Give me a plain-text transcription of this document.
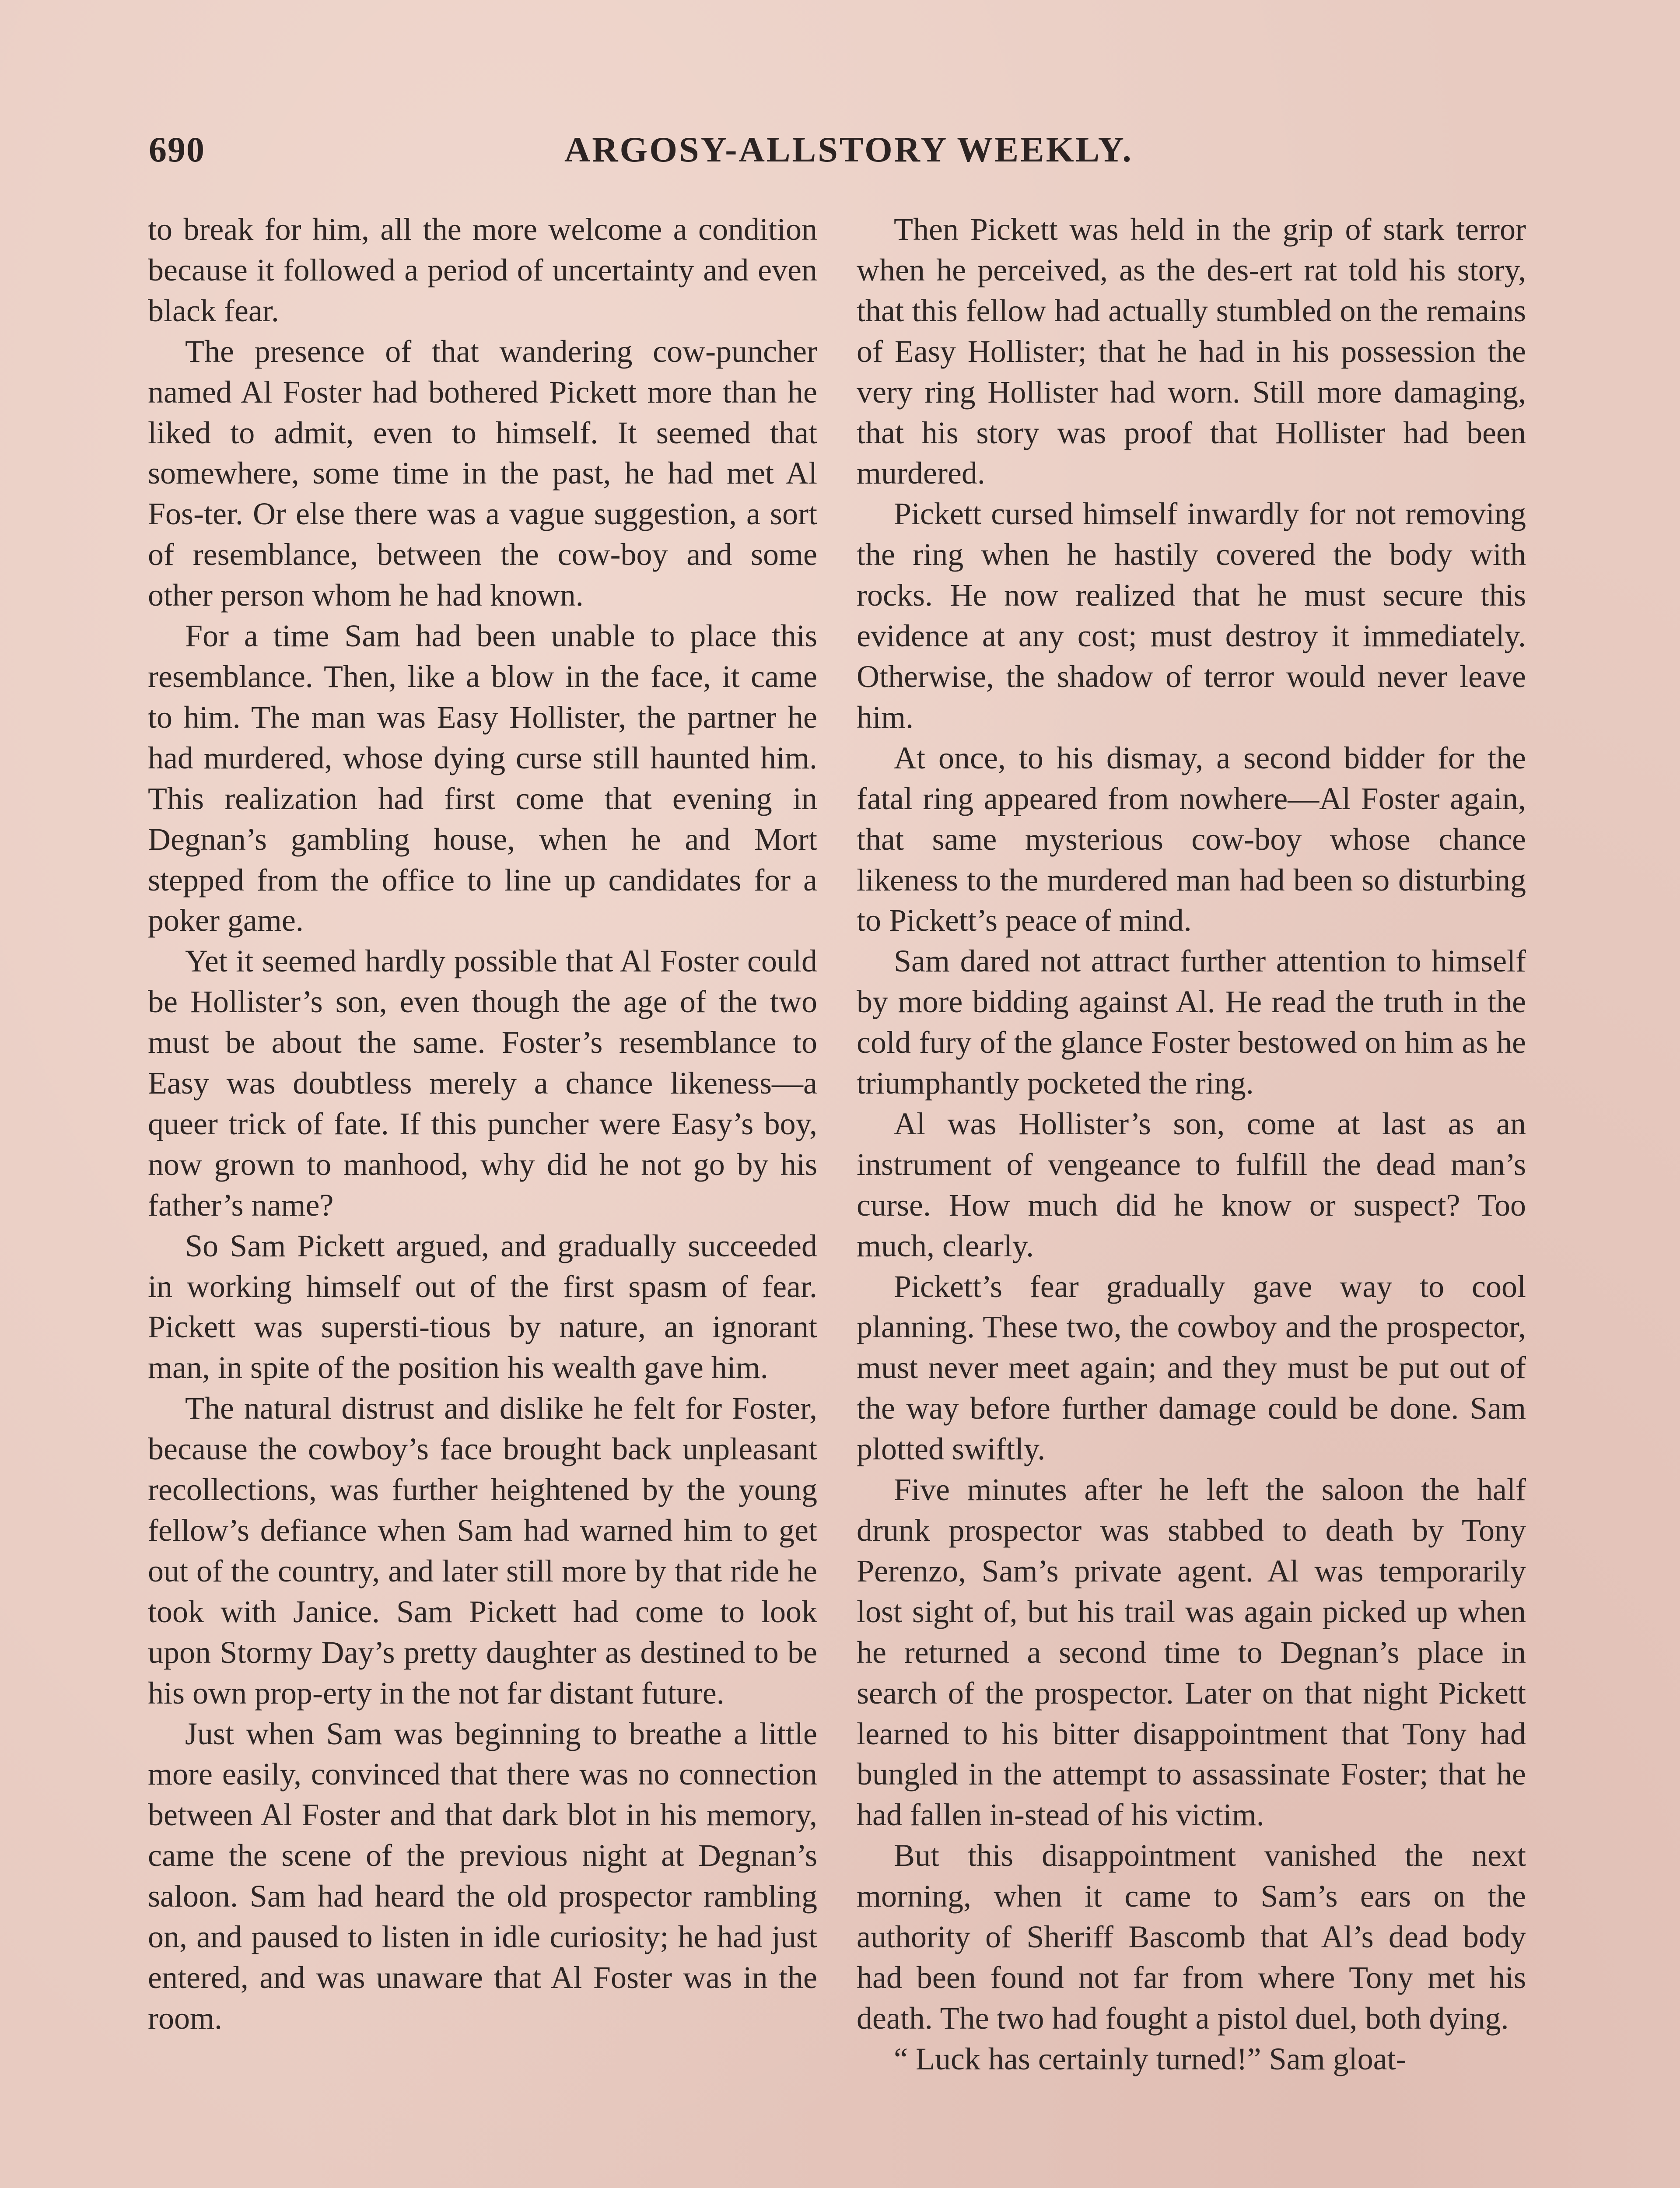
690	ARGOSY-ALLSTORY WEEKLY.

to break for him, all the more welcome a condition because it followed a period of uncertainty and even black fear.

The presence of that wandering cow-puncher named Al Foster had bothered Pickett more than he liked to admit, even to himself. It seemed that somewhere, some time in the past, he had met Al Fos-ter. Or else there was a vague suggestion, a sort of resemblance, between the cow-boy and some other person whom he had known.

For a time Sam had been unable to place this resemblance. Then, like a blow in the face, it came to him. The man was Easy Hollister, the partner he had murdered, whose dying curse still haunted him. This realization had first come that evening in Degnan’s gambling house, when he and Mort stepped from the office to line up candidates for a poker game.

Yet it seemed hardly possible that Al Foster could be Hollister’s son, even though the age of the two must be about the same. Foster’s resemblance to Easy was doubtless merely a chance likeness—a queer trick of fate. If this puncher were Easy’s boy, now grown to manhood, why did he not go by his father’s name?

So Sam Pickett argued, and gradually succeeded in working himself out of the first spasm of fear. Pickett was supersti-tious by nature, an ignorant man, in spite of the position his wealth gave him.

The natural distrust and dislike he felt for Foster, because the cowboy’s face brought back unpleasant recollections, was further heightened by the young fellow’s defiance when Sam had warned him to get out of the country, and later still more by that ride he took with Janice. Sam Pickett had come to look upon Stormy Day’s pretty daughter as destined to be his own prop-erty in the not far distant future.

Just when Sam was beginning to breathe a little more easily, convinced that there was no connection between Al Foster and that dark blot in his memory, came the scene of the previous night at Degnan’s saloon. Sam had heard the old prospector rambling on, and paused to listen in idle curiosity; he had just entered, and was unaware that Al Foster was in the room.

Then Pickett was held in the grip of stark terror when he perceived, as the des-ert rat told his story, that this fellow had actually stumbled on the remains of Easy Hollister; that he had in his possession the very ring Hollister had worn. Still more damaging, that his story was proof that Hollister had been murdered.

Pickett cursed himself inwardly for not removing the ring when he hastily covered the body with rocks. He now realized that he must secure this evidence at any cost; must destroy it immediately. Otherwise, the shadow of terror would never leave him.

At once, to his dismay, a second bidder for the fatal ring appeared from nowhere—Al Foster again, that same mysterious cow-boy whose chance likeness to the murdered man had been so disturbing to Pickett’s peace of mind.

Sam dared not attract further attention to himself by more bidding against Al. He read the truth in the cold fury of the glance Foster bestowed on him as he triumphantly pocketed the ring.

Al was Hollister’s son, come at last as an instrument of vengeance to fulfill the dead man’s curse. How much did he know or suspect? Too much, clearly.

Pickett’s fear gradually gave way to cool planning. These two, the cowboy and the prospector, must never meet again; and they must be put out of the way before further damage could be done. Sam plotted swiftly.

Five minutes after he left the saloon the half drunk prospector was stabbed to death by Tony Perenzo, Sam’s private agent. Al was temporarily lost sight of, but his trail was again picked up when he returned a second time to Degnan’s place in search of the prospector. Later on that night Pickett learned to his bitter disappointment that Tony had bungled in the attempt to assassinate Foster; that he had fallen in-stead of his victim.

But this disappointment vanished the next morning, when it came to Sam’s ears on the authority of Sheriff Bascomb that Al’s dead body had been found not far from where Tony met his death. The two had fought a pistol duel, both dying.

“ Luck has certainly turned!” Sam gloat-
